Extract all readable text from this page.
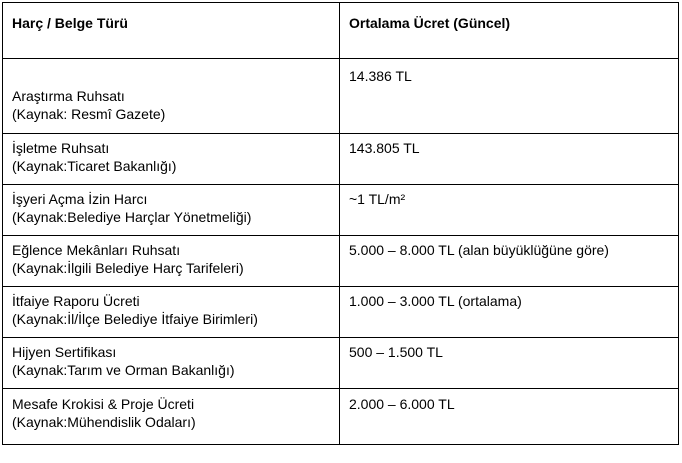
Harç / Belge Türü	Ortalama Ücret (Güncel)

Araştırma Ruhsatı
(Kaynak: Resmî Gazete)	14.386 TL

İşletme Ruhsatı
(Kaynak:Ticaret Bakanlığı)	143.805 TL

İşyeri Açma İzin Harcı
(Kaynak:Belediye Harçlar Yönetmeliği)	~1 TL/m²

Eğlence Mekânları Ruhsatı
(Kaynak:İlgili Belediye Harç Tarifeleri)	5.000 – 8.000 TL (alan büyüklüğüne göre)

İtfaiye Raporu Ücreti
(Kaynak:İl/İlçe Belediye İtfaiye Birimleri)	1.000 – 3.000 TL (ortalama)

Hijyen Sertifikası
(Kaynak:Tarım ve Orman Bakanlığı)	500 – 1.500 TL

Mesafe Krokisi & Proje Ücreti
(Kaynak:Mühendislik Odaları)	2.000 – 6.000 TL
